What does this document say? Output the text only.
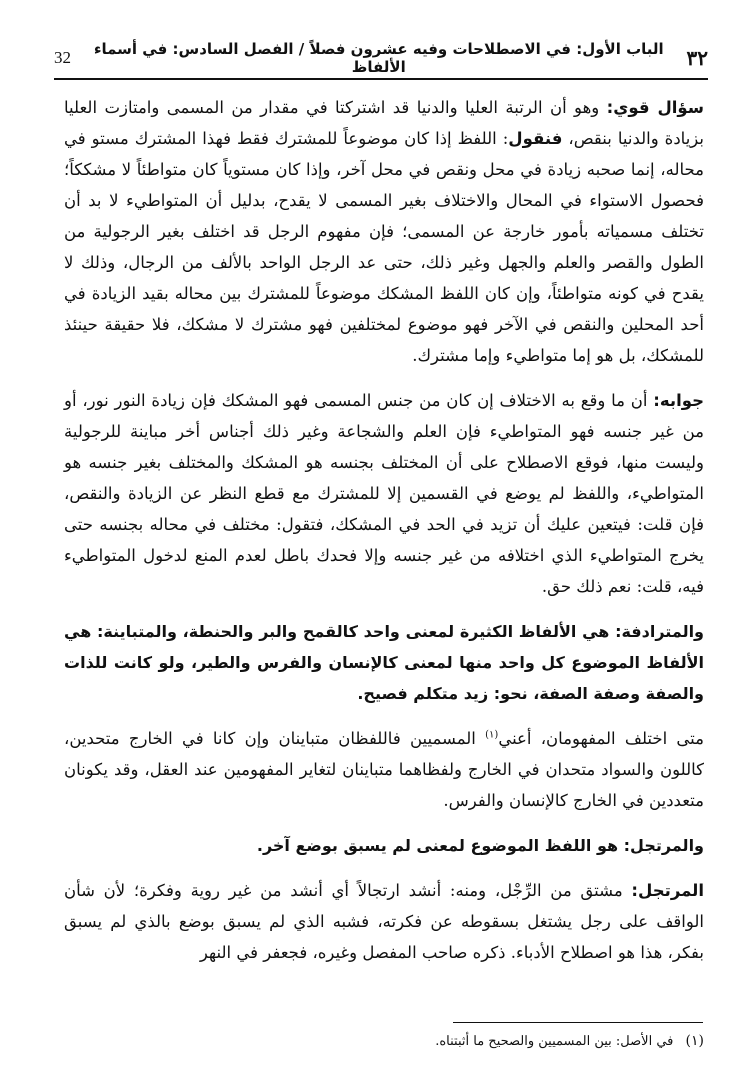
٣٢
الباب الأول: في الاصطلاحات وفيه عشرون فصلاً / الفصل السادس: في أسماء الألفاظ
32

سؤال قوي: وهو أن الرتبة العليا والدنيا قد اشتركتا في مقدار من المسمى وامتازت العليا بزيادة والدنيا بنقص، فنقول: اللفظ إذا كان موضوعاً للمشترك فقط فهذا المشترك مستو في محاله، إنما صحبه زيادة في محل ونقص في محل آخر، وإذا كان مستوياً كان متواطئاً لا مشككاً؛ فحصول الاستواء في المحال والاختلاف بغير المسمى لا يقدح، بدليل أن المتواطيء لا بد أن تختلف مسمياته بأمور خارجة عن المسمى؛ فإن مفهوم الرجل قد اختلف بغير الرجولية من الطول والقصر والعلم والجهل وغير ذلك، حتى عد الرجل الواحد بالألف من الرجال، وذلك لا يقدح في كونه متواطئاً، وإن كان اللفظ المشكك موضوعاً للمشترك بين محاله بقيد الزيادة في أحد المحلين والنقص في الآخر فهو موضوع لمختلفين فهو مشترك لا مشكك، فلا حقيقة حينئذ للمشكك، بل هو إما متواطيء وإما مشترك.

جوابه: أن ما وقع به الاختلاف إن كان من جنس المسمى فهو المشكك فإن زيادة النور نور، أو من غير جنسه فهو المتواطيء فإن العلم والشجاعة وغير ذلك أجناس أخر مباينة للرجولية وليست منها، فوقع الاصطلاح على أن المختلف بجنسه هو المشكك والمختلف بغير جنسه هو المتواطيء، واللفظ لم يوضع في القسمين إلا للمشترك مع قطع النظر عن الزيادة والنقص، فإن قلت: فيتعين عليك أن تزيد في الحد في المشكك، فتقول: مختلف في محاله بجنسه حتى يخرج المتواطيء الذي اختلافه من غير جنسه وإلا فحدك باطل لعدم المنع لدخول المتواطيء فيه، قلت: نعم ذلك حق.

والمترادفة: هي الألفاظ الكثيرة لمعنى واحد كالقمح والبر والحنطة، والمتباينة: هي الألفاظ الموضوع كل واحد منها لمعنى كالإنسان والفرس والطير، ولو كانت للذات والصفة وصفة الصفة، نحو: زيد متكلم فصيح.

متى اختلف المفهومان، أعني$^{(١)}$ المسميين فاللفظان متباينان وإن كانا في الخارج متحدين، كاللون والسواد متحدان في الخارج ولفظاهما متباينان لتغاير المفهومين عند العقل، وقد يكونان متعددين في الخارج كالإنسان والفرس.

والمرتجل: هو اللفظ الموضوع لمعنى لم يسبق بوضع آخر.

المرتجل: مشتق من الرِّجْل، ومنه: أنشد ارتجالاً أي أنشد من غير روية وفكرة؛ لأن شأن الواقف على رجل يشتغل بسقوطه عن فكرته، فشبه الذي لم يسبق بوضع بالذي لم يسبق بفكر، هذا هو اصطلاح الأدباء. ذكره صاحب المفصل وغيره، فجعفر في النهر

(١) في الأصل: بين المسميين والصحيح ما أثبتناه.
